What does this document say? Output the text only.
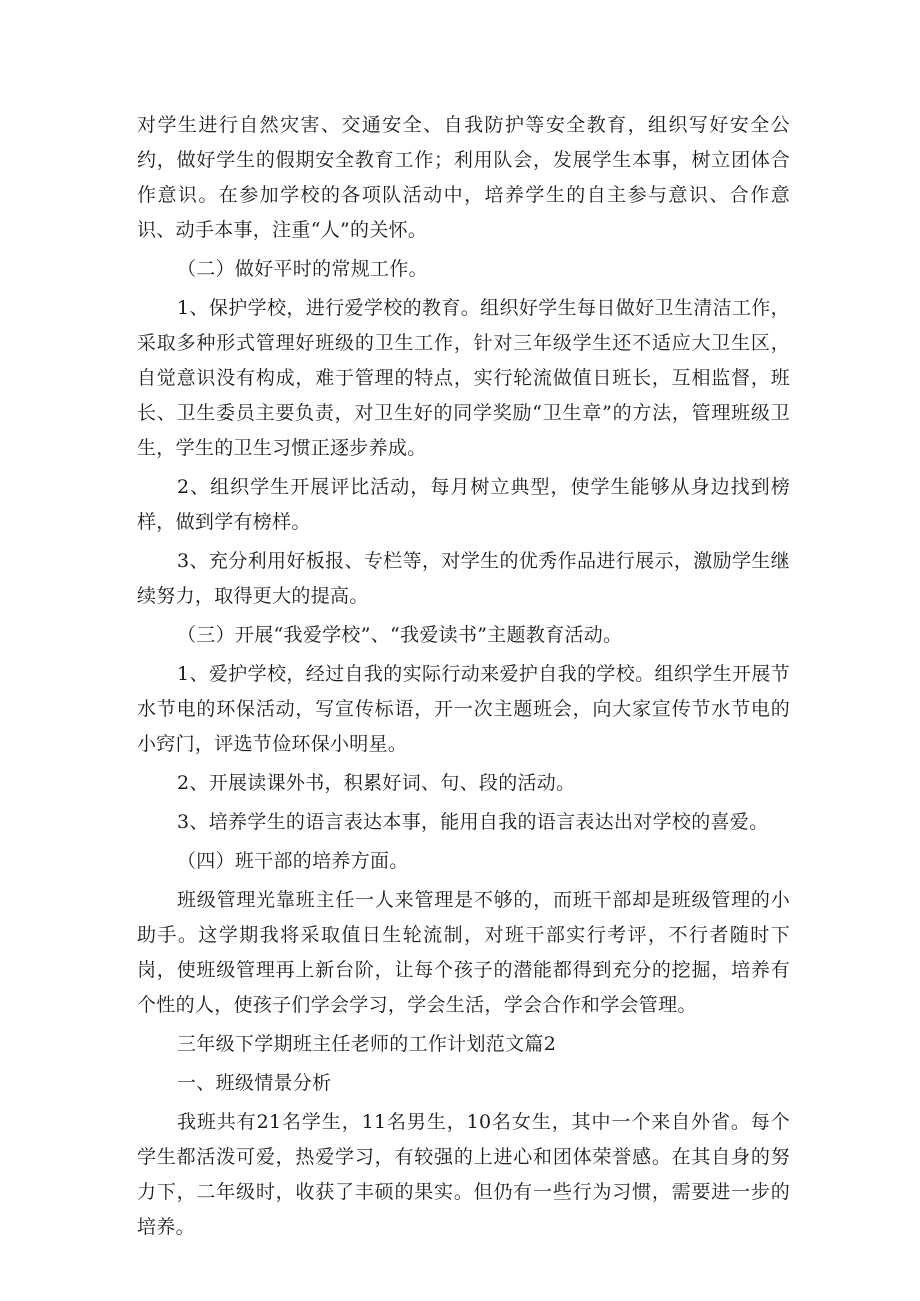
对学生进行自然灾害、交通安全、自我防护等安全教育，组织写好安全公约，做好学生的假期安全教育工作；利用队会，发展学生本事，树立团体合作意识。在参加学校的各项队活动中，培养学生的自主参与意识、合作意识、动手本事，注重“人”的关怀。

（二）做好平时的常规工作。

1、保护学校，进行爱学校的教育。组织好学生每日做好卫生清洁工作，采取多种形式管理好班级的卫生工作，针对三年级学生还不适应大卫生区，自觉意识没有构成，难于管理的特点，实行轮流做值日班长，互相监督，班长、卫生委员主要负责，对卫生好的同学奖励“卫生章”的方法，管理班级卫生，学生的卫生习惯正逐步养成。

2、组织学生开展评比活动，每月树立典型，使学生能够从身边找到榜样，做到学有榜样。

3、充分利用好板报、专栏等，对学生的优秀作品进行展示，激励学生继续努力，取得更大的提高。

（三）开展“我爱学校”、“我爱读书”主题教育活动。

1、爱护学校，经过自我的实际行动来爱护自我的学校。组织学生开展节水节电的环保活动，写宣传标语，开一次主题班会，向大家宣传节水节电的小窍门，评选节俭环保小明星。

2、开展读课外书，积累好词、句、段的活动。

3、培养学生的语言表达本事，能用自我的语言表达出对学校的喜爱。

（四）班干部的培养方面。

班级管理光靠班主任一人来管理是不够的，而班干部却是班级管理的小助手。这学期我将采取值日生轮流制，对班干部实行考评，不行者随时下岗，使班级管理再上新台阶，让每个孩子的潜能都得到充分的挖掘，培养有个性的人，使孩子们学会学习，学会生活，学会合作和学会管理。

三年级下学期班主任老师的工作计划范文篇2

一、班级情景分析

我班共有21名学生，11名男生，10名女生，其中一个来自外省。每个学生都活泼可爱，热爱学习，有较强的上进心和团体荣誉感。在其自身的努力下，二年级时，收获了丰硕的果实。但仍有一些行为习惯，需要进一步的培养。
